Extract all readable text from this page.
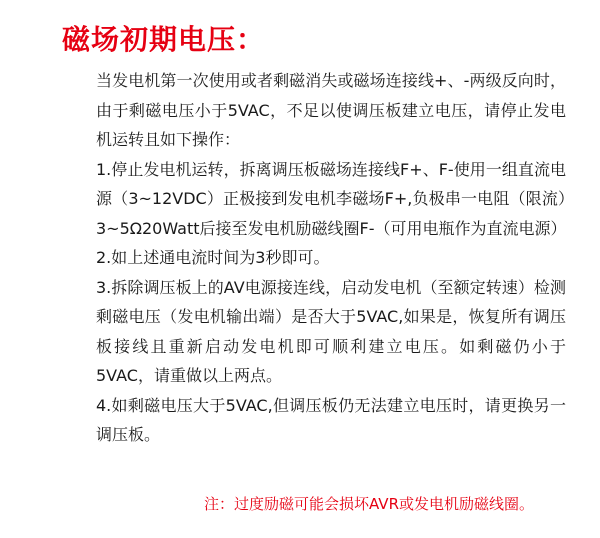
磁场初期电压：

当发电机第一次使用或者剩磁消失或磁场连接线+、-两级反向时，由于剩磁电压小于5VAC，不足以使调压板建立电压，请停止发电机运转且如下操作：

1.停止发电机运转，拆离调压板磁场连接线F+、F-使用一组直流电源（3~12VDC）正极接到发电机李磁场F+,负极串一电阻（限流）3~5Ω20Watt后接至发电机励磁线圈F-（可用电瓶作为直流电源）

2.如上述通电流时间为3秒即可。

3.拆除调压板上的AV电源接连线，启动发电机（至额定转速）检测剩磁电压（发电机输出端）是否大于5VAC,如果是，恢复所有调压板接线且重新启动发电机即可顺利建立电压。如剩磁仍小于5VAC，请重做以上两点。

4.如剩磁电压大于5VAC,但调压板仍无法建立电压时，请更换另一调压板。

注：过度励磁可能会损坏AVR或发电机励磁线圈。
